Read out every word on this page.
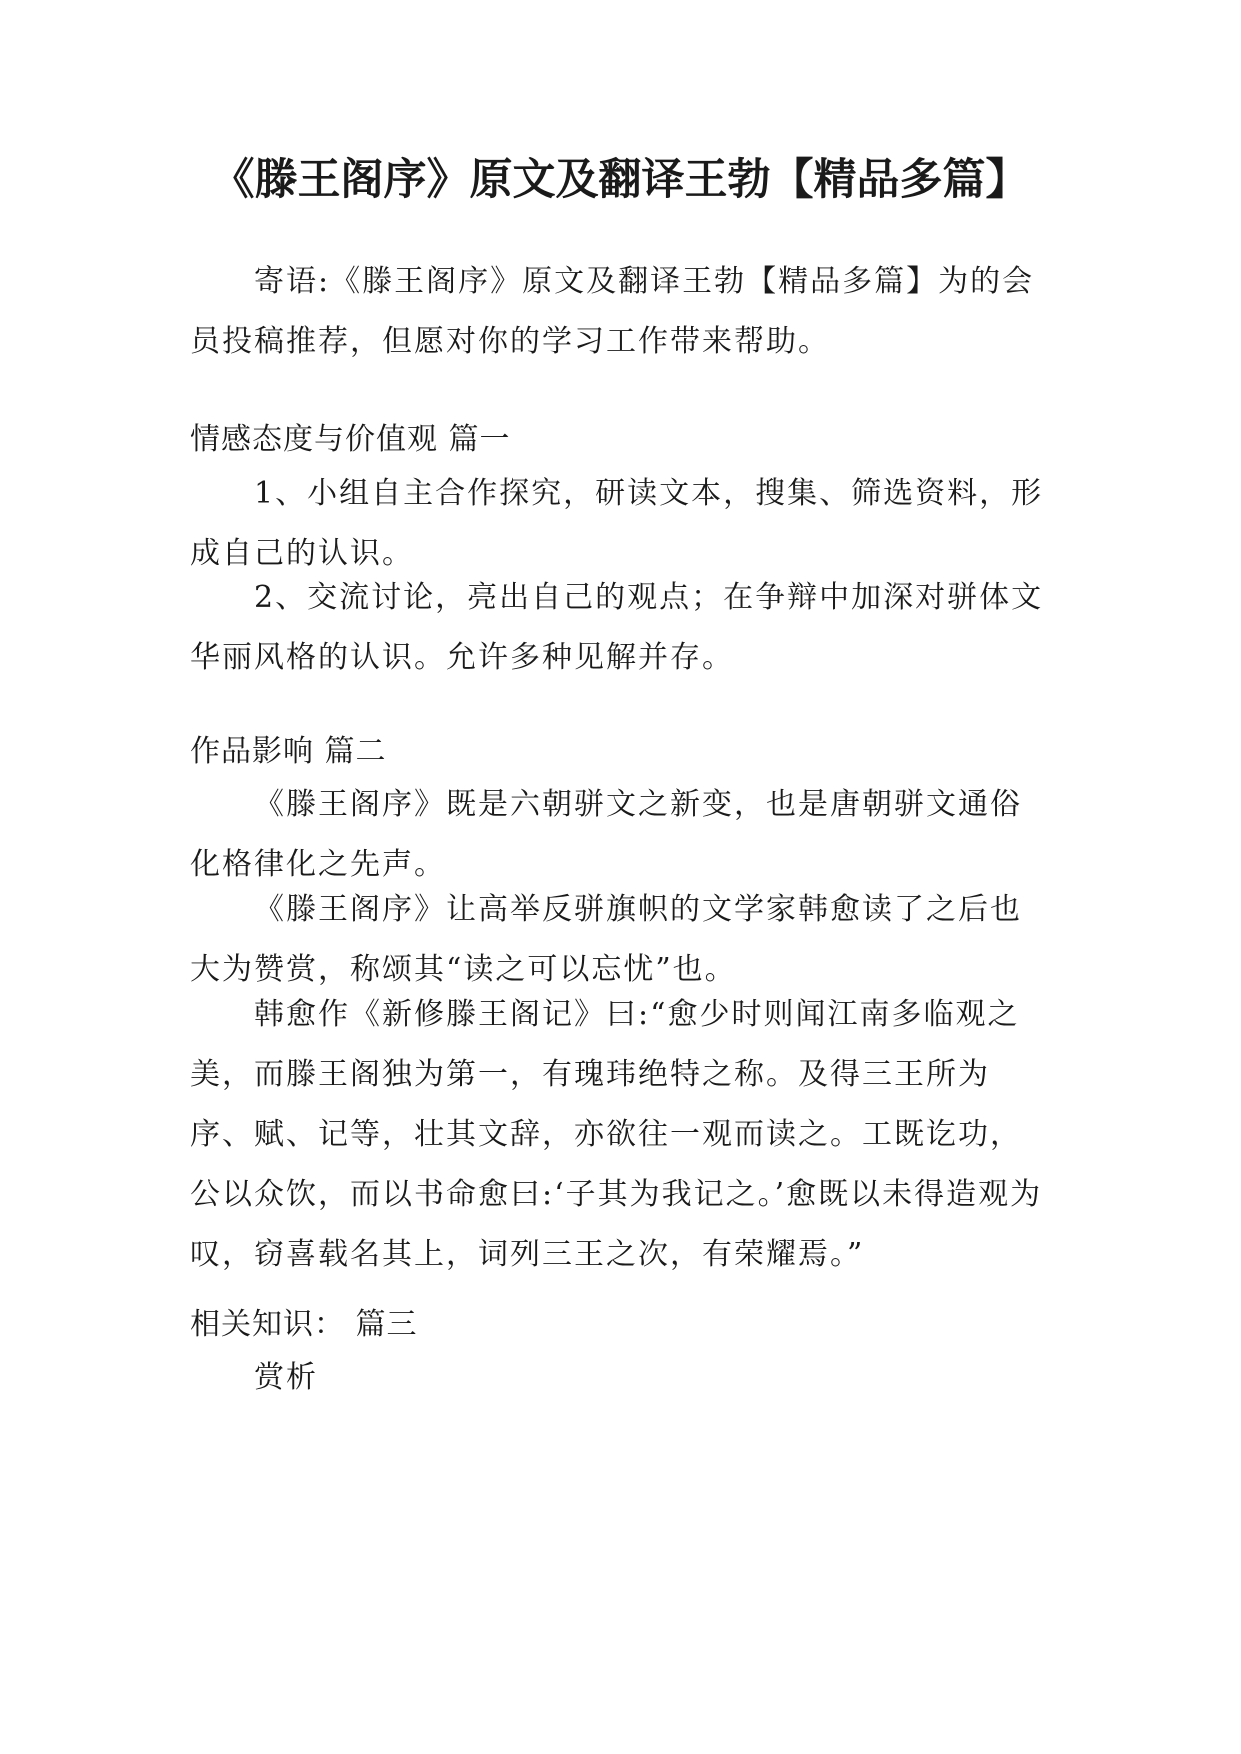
《滕王阁序》原文及翻译王勃【精品多篇】
寄语:《滕王阁序》原文及翻译王勃【精品多篇】为的会员投稿推荐，但愿对你的学习工作带来帮助。
情感态度与价值观 篇一
1、小组自主合作探究，研读文本，搜集、筛选资料，形成自己的认识。
2、交流讨论，亮出自己的观点；在争辩中加深对骈体文华丽风格的认识。允许多种见解并存。
作品影响 篇二
《滕王阁序》既是六朝骈文之新变，也是唐朝骈文通俗化格律化之先声。
《滕王阁序》让高举反骈旗帜的文学家韩愈读了之后也大为赞赏，称颂其“读之可以忘忧”也。
韩愈作《新修滕王阁记》曰:“愈少时则闻江南多临观之美，而滕王阁独为第一，有瑰玮绝特之称。及得三王所为序、赋、记等，壮其文辞，亦欲往一观而读之。工既讫功，公以众饮，而以书命愈曰:‘子其为我记之。’愈既以未得造观为叹，窃喜载名其上，词列三王之次，有荣耀焉。”
相关知识： 篇三
赏析
